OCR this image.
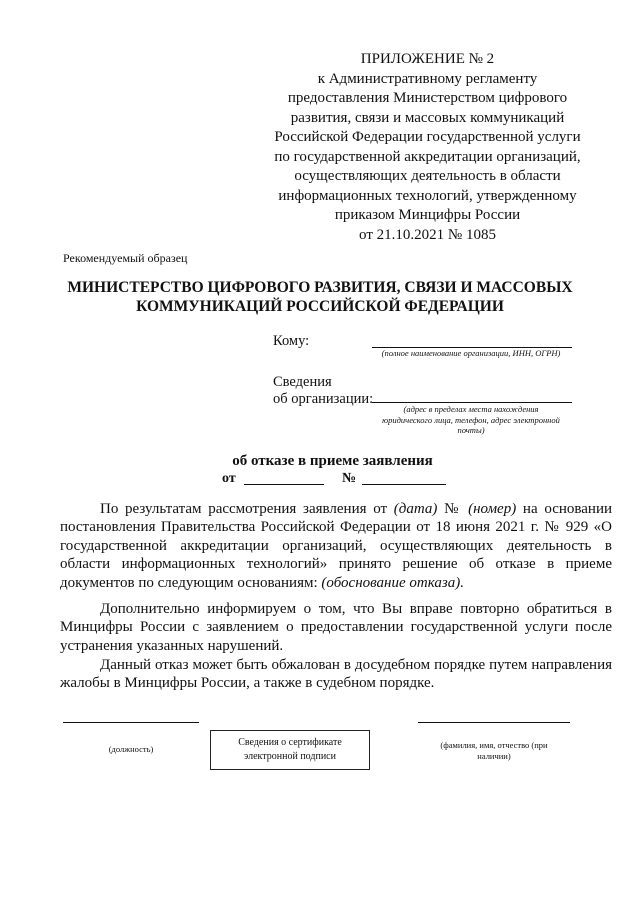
ПРИЛОЖЕНИЕ № 2
к Административному регламенту
предоставления Министерством цифрового
развития, связи и массовых коммуникаций
Российской Федерации государственной услуги
по государственной аккредитации организаций,
осуществляющих деятельность в области
информационных технологий, утвержденному
приказом Минцифры России
от 21.10.2021 № 1085
Рекомендуемый образец
МИНИСТЕРСТВО ЦИФРОВОГО РАЗВИТИЯ, СВЯЗИ И МАССОВЫХ
КОММУНИКАЦИЙ РОССИЙСКОЙ ФЕДЕРАЦИИ
Кому:
(полное наименование организации, ИНН, ОГРН)
Сведения
об организации:
(адрес в пределах места нахождения
юридического лица, телефон, адрес электронной
почты)
об отказе в приеме заявления
от	№
По результатам рассмотрения заявления от (дата) № (номер) на основании постановления Правительства Российской Федерации от 18 июня 2021 г. № 929 «О государственной аккредитации организаций, осуществляющих деятельность в области информационных технологий» принято решение об отказе в приеме документов по следующим основаниям: (обоснование отказа).
Дополнительно информируем о том, что Вы вправе повторно обратиться в Минцифры России с заявлением о предоставлении государственной услуги после устранения указанных нарушений.
Данный отказ может быть обжалован в досудебном порядке путем направления жалобы в Минцифры России, а также в судебном порядке.
(должность)
Сведения о сертификате
электронной подписи
(фамилия, имя, отчество (при
наличии)
